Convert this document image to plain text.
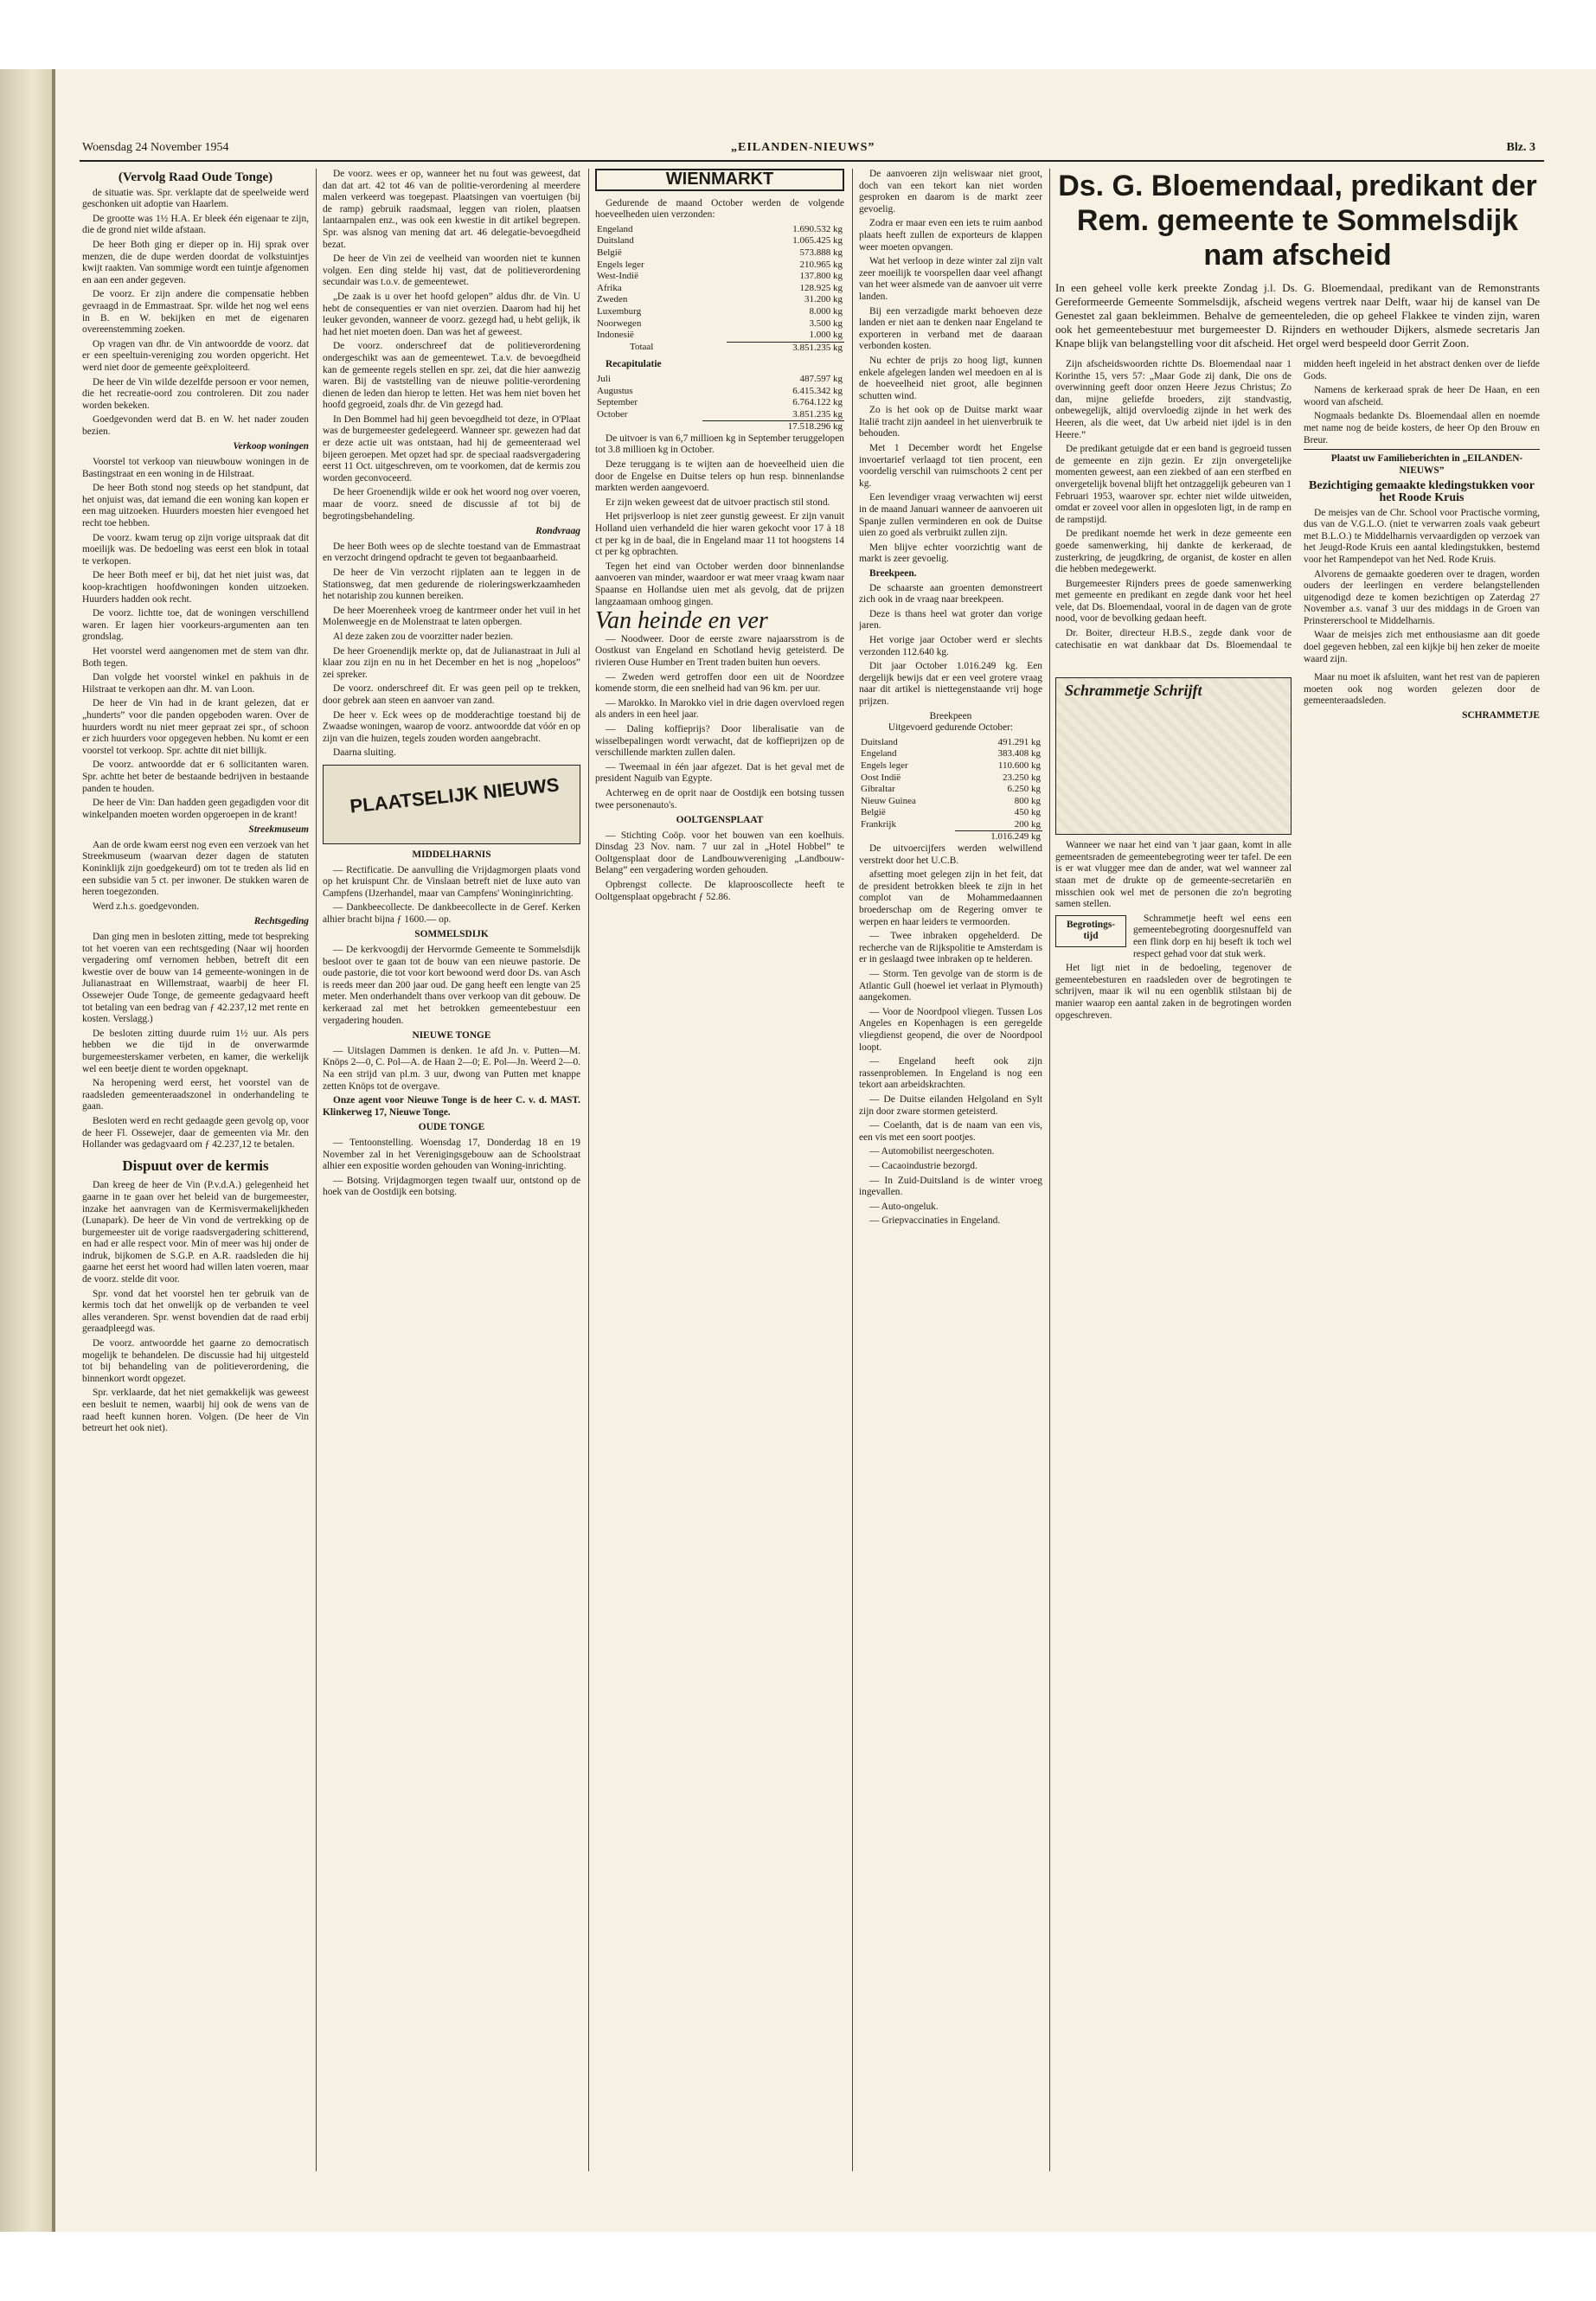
Woensdag 24 November 1954	„EILANDEN-NIEUWS”	Blz. 3
(Vervolg Raad Oude Tonge)

de situatie was. Spr. verklapte dat de speelweide werd geschonken uit adoptie van Haarlem.

De grootte was 1½ H.A. Er bleek één eigenaar te zijn, die de grond niet wilde afstaan.

De heer Both ging er dieper op in. Hij sprak over menzen, die de dupe werden doordat de volkstuintjes kwijt raakten. Van sommige wordt een tuintje afgenomen en aan een ander gegeven.

De voorz. Er zijn andere die compensatie hebben gevraagd in de Emmastraat. Spr. wilde het nog wel eens in B. en W. bekijken en met de eigenaren overeenstemming zoeken.

Op vragen van dhr. de Vin antwoordde de voorz. dat er een speeltuin-vereniging zou worden opgericht. Het werd niet door de gemeente geëxploiteerd.

De heer de Vin wilde dezelfde persoon er voor nemen, die het recreatie-oord zou controleren. Dit zou nader worden bekeken.

Goedgevonden werd dat B. en W. het nader zouden bezien.

Verkoop woningen

Voorstel tot verkoop van nieuwbouw woningen in de Bastingstraat en een woning in de Hilstraat.

De heer Both stond nog steeds op het standpunt, dat het onjuist was, dat iemand die een woning kan kopen er een mag uitzoeken. Huurders moesten hier evengoed het recht toe hebben.

De voorz. kwam terug op zijn vorige uitspraak dat dit moeilijk was. De bedoeling was eerst een blok in totaal te verkopen.

De heer Both meef er bij, dat het niet juist was, dat koop-krachtigen hoofdwoningen konden uitzoeken. Huurders hadden ook recht.

De voorz. lichtte toe, dat de woningen verschillend waren. Er lagen hier voorkeurs-argumenten aan ten grondslag.

Het voorstel werd aangenomen met de stem van dhr. Both tegen.

Dan volgde het voorstel winkel en pakhuis in de Hilstraat te verkopen aan dhr. M. van Loon.

De heer de Vin had in de krant gelezen, dat er „hunderts” voor die panden opgeboden waren. Over de huurders wordt nu niet meer gepraat zei spr., of schoon er zich huurders voor opgegeven hebben. Nu komt er een voorstel tot verkoop. Spr. achtte dit niet billijk.

De voorz. antwoordde dat er 6 sollicitanten waren. Spr. achtte het beter de bestaande bedrijven in bestaande panden te houden.

De heer de Vin: Dan hadden geen gegadigden voor dit winkelpanden moeten worden opgeroepen in de krant!

Streekmuseum

Aan de orde kwam eerst nog even een verzoek van het Streekmuseum (waarvan dezer dagen de statuten Koninklijk zijn goedgekeurd) om tot te treden als lid en een subsidie van 5 ct. per inwoner. De stukken waren de heren toegezonden.

Werd z.h.s. goedgevonden.

Rechtsgeding

Dan ging men in besloten zitting, mede tot bespreking tot het voeren van een rechtsgeding (Naar wij hoorden vergadering omf vernomen hebben, betreft dit een kwestie over de bouw van 14 gemeente-woningen in de Julianastraat en Willemstraat, waarbij de heer Fl. Ossewejer Oude Tonge, de gemeente gedagvaard heeft tot betaling van een bedrag van ƒ 42.237,12 met rente en kosten. Verslagg.)

De besloten zitting duurde ruim 1½ uur. Als pers hebben we die tijd in de onverwarmde burgemeesterskamer verbeten, en kamer, die werkelijk wel een beetje dient te worden opgeknapt.

Na heropening werd eerst, het voorstel van de raadsleden gemeenteraadszonel in onderhandeling te gaan.

Besloten werd en recht gedaagde geen gevolg op, voor de heer Fl. Ossewejer, daar de gemeenten via Mr. den Hollander was gedagvaard om ƒ 42.237,12 te betalen.

Dispuut over de kermis

Dan kreeg de heer de Vin (P.v.d.A.) gelegenheid het gaarne in te gaan over het beleid van de burgemeester, inzake het aanvragen van de Kermisvermakelijkheden (Lunapark). De heer de Vin vond de vertrekking op de burgemeester uit de vorige raadsvergadering schitterend, en had er alle respect voor. Min of meer was hij onder de indruk, bijkomen de S.G.P. en A.R. raadsleden die hij gaarne het eerst het woord had willen laten voeren, maar de voorz. stelde dit voor.

Spr. vond dat het voorstel hen ter gebruik van de kermis toch dat het onwelijk op de verbanden te veel alles veranderen. Spr. wenst bovendien dat de raad erbij geraadpleegd was.

De voorz. antwoordde het gaarne zo democratisch mogelijk te behandelen. De discussie had hij uitgesteld tot bij behandeling van de politieverordening, die binnenkort wordt opgezet.

Spr. verklaarde, dat het niet gemakkelijk was geweest een besluit te nemen, waarbij hij ook de wens van de raad heeft kunnen horen. Volgen. (De heer de Vin betreurt het ook niet).

De voorz. wees er op, wanneer het nu fout was geweest, dat dan dat art. 42 tot 46 van de politie-verordening al meerdere malen verkeerd was toegepast. Plaatsingen van voertuigen (bij de ramp) gebruik raadsmaal, leggen van riolen, plaatsen lantaarnpalen enz., was ook een kwestie in dit artikel begrepen. Spr. was alsnog van mening dat art. 46 delegatie-bevoegdheid bezat.

De heer de Vin zei de veelheid van woorden niet te kunnen volgen. Een ding stelde hij vast, dat de politieverordening secundair was t.o.v. de gemeentewet.

„De zaak is u over het hoofd gelopen” aldus dhr. de Vin. U hebt de consequenties er van niet overzien. Daarom had hij het leuker gevonden, wanneer de voorz. gezegd had, u hebt gelijk, ik had het niet moeten doen. Dan was het af geweest.

De voorz. onderschreef dat de politieverordening ondergeschikt was aan de gemeentewet. T.a.v. de bevoegdheid kan de gemeente regels stellen en spr. zei, dat die hier aanwezig waren. Bij de vaststelling van de nieuwe politie-verordening dienen de leden dan hierop te letten. Het was hem niet boven het hoofd gegroeid, zoals dhr. de Vin gezegd had.

In Den Bommel had hij geen bevoegdheid tot deze, in O'Plaat was de burgemeester gedelegeerd. Wanneer spr. gewezen had dat er deze actie uit was ontstaan, had hij de gemeenteraad wel bijeen geroepen. Met opzet had spr. de speciaal raadsvergadering eerst 11 Oct. uitgeschreven, om te voorkomen, dat de kermis zou worden geconvoceerd.

De heer Groenendijk wilde er ook het woord nog over voeren, maar de voorz. sneed de discussie af tot bij de begrotingsbehandeling.

Rondvraag

De heer Both wees op de slechte toestand van de Emmastraat en verzocht dringend opdracht te geven tot begaanbaarheid.

De heer de Vin verzocht rijplaten aan te leggen in de Stationsweg, dat men gedurende de rioleringswerkzaamheden het notariship zou kunnen bereiken.

De heer Moerenheek vroeg de kantrmeer onder het vuil in het Molenweegje en de Molenstraat te laten opbergen.

Al deze zaken zou de voorzitter nader bezien.

De heer Groenendijk merkte op, dat de Julianastraat in Juli al klaar zou zijn en nu in het December en het is nog „hopeloos” zei spreker.

De voorz. onderschreef dit. Er was geen peil op te trekken, door gebrek aan steen en aanvoer van zand.

De heer v. Eck wees op de modderachtige toestand bij de Zwaadse woningen, waarop de voorz. antwoordde dat vóór en op zijn van die huizen, tegels zouden worden aangebracht.

Daarna sluiting.

PLAATSELIJK NIEUWS
MIDDELHARNIS

— Rectificatie. De aanvulling die Vrijdagmorgen plaats vond op het kruispunt Chr. de Vinslaan betreft niet de luxe auto van Campfens (IJzerhandel, maar van Campfens' Woninginrichting.

— Dankbeecollecte. De dankbeecollecte in de Geref. Kerken alhier bracht bijna ƒ 1600.— op.

SOMMELSDIJK

— De kerkvoogdij der Hervormde Gemeente te Sommelsdijk besloot over te gaan tot de bouw van een nieuwe pastorie. De oude pastorie, die tot voor kort bewoond werd door Ds. van Asch is reeds meer dan 200 jaar oud. De gang heeft een lengte van 25 meter. Men onderhandelt thans over verkoop van dit gebouw. De kerkeraad zal met het betrokken gemeentebestuur een vergadering houden.

NIEUWE TONGE

— Uitslagen Dammen is denken. 1e afd Jn. v. Putten—M. Knöps 2—0, C. Pol—A. de Haan 2—0; E. Pol—Jn. Weerd 2—0. Na een strijd van pl.m. 3 uur, dwong van Putten met knappe zetten Knöps tot de overgave.

Onze agent voor Nieuwe Tonge is de heer C. v. d. MAST. Klinkerweg 17, Nieuwe Tonge.

OUDE TONGE

— Tentoonstelling. Woensdag 17, Donderdag 18 en 19 November zal in het Verenigingsgebouw aan de Schoolstraat alhier een expositie worden gehouden van Woning-inrichting.

— Botsing. Vrijdagmorgen tegen twaalf uur, ontstond op de hoek van de Oostdijk een botsing.

WIENMARKT

Gedurende de maand October werden de volgende hoeveelheden uien verzonden:

Engeland	1.690.532 kg
Duitsland	1.065.425 kg
België	573.888 kg
Engels leger	210.965 kg
West-Indië	137.800 kg
Afrika	128.925 kg
Zweden	31.200 kg
Luxemburg	8.000 kg
Noorwegen	3.500 kg
Indonesië	1.000 kg
Totaal	3.851.235 kg

Recapitulatie

Juli	487.597 kg
Augustus	6.415.342 kg
September	6.764.122 kg
October	3.851.235 kg
	17.518.296 kg

De uitvoer is van 6,7 millioen kg in September teruggelopen tot 3.8 millioen kg in October.

Deze teruggang is te wijten aan de hoeveelheid uien die door de Engelse en Duitse telers op hun resp. binnenlandse markten werden aangevoerd.

Er zijn weken geweest dat de uitvoer practisch stil stond.

Het prijsverloop is niet zeer gunstig geweest. Er zijn vanuit Holland uien verhandeld die hier waren gekocht voor 17 à 18 ct per kg in de baal, die in Engeland maar 11 tot hoogstens 14 ct per kg opbrachten.

Tegen het eind van October werden door binnenlandse aanvoeren van minder, waardoor er wat meer vraag kwam naar Spaanse en Hollandse uien met als gevolg, dat de prijzen langzaamaan omhoog gingen.

Van heinde en ver

— Noodweer. Door de eerste zware najaarsstrom is de Oostkust van Engeland en Schotland hevig geteisterd. De rivieren Ouse Humber en Trent traden buiten hun oevers.

— Zweden werd getroffen door een uit de Noordzee komende storm, die een snelheid had van 96 km. per uur.

— Marokko. In Marokko viel in drie dagen overvloed regen als anders in een heel jaar.

— Daling koffieprijs? Door liberalisatie van de wisselbepalingen wordt verwacht, dat de koffieprijzen op de verschillende markten zullen dalen.

— Tweemaal in één jaar afgezet. Dat is het geval met de president Naguib van Egypte.

Achterweg en de oprit naar de Oostdijk een botsing tussen twee personenauto's.

OOLTGENSPLAAT

— Stichting Coöp. voor het bouwen van een koelhuis. Dinsdag 23 Nov. nam. 7 uur zal in „Hotel Hobbel” te Ooltgensplaat door de Landbouwvereniging „Landbouw-Belang” een vergadering worden gehouden.

Opbrengst collecte. De klaproosco​llecte heeft te Ooltgensplaat opgebracht ƒ 52.86.

De aanvoeren zijn weliswaar niet groot, doch van een tekort kan niet worden gesproken en daarom is de markt zeer gevoelig.

Zodra er maar even een iets te ruim aanbod plaats heeft zullen de exporteurs de klappen weer moeten opvangen.

Wat het verloop in deze winter zal zijn valt zeer moeilijk te voorspellen daar veel afhangt van het weer alsmede van de aanvoer uit verre landen.

Bij een verzadigde markt behoeven deze landen er niet aan te denken naar Engeland te exporteren in verband met de daaraan verbonden kosten.

Nu echter de prijs zo hoog ligt, kunnen enkele afgelegen landen wel meedoen en al is de hoeveelheid niet groot, alle beginnen schutten wind.

Zo is het ook op de Duitse markt waar Italië tracht zijn aandeel in het uienverbruik te behouden.

Met 1 December wordt het Engelse invoertarief verlaagd tot tien procent, een voordelig verschil van ruimschoots 2 cent per kg.

Een levendiger vraag verwachten wij eerst in de maand Januari wanneer de aanvoeren uit Spanje zullen verminderen en ook de Duitse uien zo goed als verbruikt zullen zijn.

Men blijve echter voorzichtig want de markt is zeer gevoelig.

Breekpeen.

De schaarste aan groenten demonstreert zich ook in de vraag naar breekpeen.

Deze is thans heel wat groter dan vorige jaren.

Het vorige jaar October werd er slechts verzonden 112.640 kg.

Dit jaar October 1.016.249 kg. Een dergelijk bewijs dat er een veel grotere vraag naar dit artikel is niettegenstaande vrij hoge prijzen.

Breekpeen
Uitgevoerd gedurende October:

Duitsland	491.291 kg
Engeland	383.408 kg
Engels leger	110.600 kg
Oost Indië	23.250 kg
Gibraltar	6.250 kg
Nieuw Guinea	800 kg
België	450 kg
Frankrijk	200 kg
	1.016.249 kg

De uitvoercijfers werden welwillend verstrekt door het U.C.B.

afsetting moet gelegen zijn in het feit, dat de president betrokken bleek te zijn in het complot van de Mohammedaannen broederschap om de Regering omver te werpen en haar leiders te vermoorden.

— Twee inbraken opgehelderd. De recherche van de Rijkspolitie te Amsterdam is er in geslaagd twee inbraken op te helderen.

— Storm. Ten gevolge van de storm is de Atlantic Gull (hoewel iet verlaat in Plymouth) aangekomen.

— Voor de Noordpool vliegen. Tussen Los Angeles en Kopenhagen is een geregelde vliegdienst geopend, die over de Noordpool loopt.

— Engeland heeft ook zijn rassenproblemen. In Engeland is nog een tekort aan arbeidskrachten.

— De Duitse eilanden Helgoland en Sylt zijn door zware stormen geteisterd.

— Coelanth, dat is de naam van een vis, een vis met een soort pootjes.

— Automobilist neergeschoten.

— Cacaoindustrie bezorgd.

— In Zuid-Duitsland is de winter vroeg ingevallen.

— Auto-ongeluk.

— Griepvaccinaties in Engeland.

Ds. G. Bloemendaal, predikant der Rem. gemeente te Sommelsdijk nam afscheid
In een geheel volle kerk preekte Zondag j.l. Ds. G. Bloemendaal, predikant van de Remonstrants Gereformeerde Gemeente Sommelsdijk, afscheid wegens vertrek naar Delft, waar hij de kansel van De Genestet zal gaan bekleimmen. Behalve de gemeenteleden, die op geheel Flakkee te vinden zijn, waren ook het gemeentebestuur met burgemeester D. Rijnders en wethouder Dijkers, alsmede secretaris Jan Knape blijk van belangstelling voor dit afscheid. Het orgel werd bespeeld door Gerrit Zoon.

Zijn afscheidswoorden richtte Ds. Bloemendaal naar 1 Korinthe 15, vers 57: „Maar Gode zij dank, Die ons de overwinning geeft door onzen Heere Jezus Christus; Zo dan, mijne geliefde broeders, zijt standvastig, onbewegelijk, altijd overvloedig zijnde in het werk des Heeren, als die weet, dat Uw arbeid niet ijdel is in den Heere.”

De predikant getuigde dat er een band is gegroeid tussen de gemeente en zijn gezin. Er zijn onvergetelijke momenten geweest, aan een ziekbed of aan een sterfbed en onvergetelijk bovenal blijft het ontzaggelijk gebeuren van 1 Februari 1953, waarover spr. echter niet wilde uitweiden, omdat er zoveel voor allen in opgesloten ligt, in de ramp en de rampstijd.

De predikant noemde het werk in deze gemeente een goede samenwerking, hij dankte de kerkeraad, de zusterkring, de jeugdkring, de organist, de koster en allen die hebben medegewerkt.

Burgemeester Rijnders prees de goede samenwerking met gemeente en predikant en zegde dank voor het heel vele, dat Ds. Bloemendaal, vooral in de dagen van de grote nood, voor de bevolking gedaan heeft.

Dr. Boiter, directeur H.B.S., zegde dank voor de catechisatie en wat dankbaar dat Ds. Bloemendaal te midden heeft ingeleid in het abstract denken over de liefde Gods.

Namens de kerkeraad sprak de heer De Haan, en een woord van afscheid.

Nogmaals bedankte Ds. Bloemendaal allen en noemde met name nog de beide kosters, de heer Op den Brouw en Breur.

Plaatst uw Familieberichten in „EILANDEN-NIEUWS”

Bezichtiging gemaakte kledingstukken voor het Roode Kruis

De meisjes van de Chr. School voor Practische vorming, dus van de V.G.L.O. (niet te verwarren zoals vaak gebeurt met B.L.O.) te Middelharnis vervaardigden op verzoek van het Jeugd-Rode Kruis een aantal kledingstukken, bestemd voor het Rampendepot van het Ned. Rode Kruis.

Alvorens de gemaakte goederen over te dragen, worden ouders der leerlingen en verdere belangstellenden uitgenodigd deze te komen bezichtigen op Zaterdag 27 November a.s. vanaf 3 uur des middags in de Groen van Prinstererschool te Middelharnis.

Waar de meisjes zich met enthousiasme aan dit goede doel gegeven hebben, zal een kijkje bij hen zeker de moeite waard zijn.

Schrammetje Schrijft

Wanneer we naar het eind van 't jaar gaan, komt in alle gemeentsraden de gemeentebegroting weer ter tafel. De een is er wat vlugger mee dan de ander, wat wel wanneer zal staan met de drukte op de gemeente-secretariën en misschien ook wel met de personen die zo'n begroting samen stellen.

Begrotings-tijd

Schrammetje heeft wel eens een gemeentebegroting doorgesnuffeld van een flink dorp en hij beseft ik toch wel respect gehad voor dat stuk werk.

Het ligt niet in de bedoeling, tegenover de gemeentebesturen en raadsleden over de begrotingen te schrijven, maar ik wil nu een ogenblik stilstaan bij de manier waarop een aantal zaken in de begrotingen worden opgeschreven.

Maar nu moet ik afsluiten, want het rest van de papieren moeten ook nog worden gelezen door de gemeenteraadsleden.

SCHRAMMETJE
